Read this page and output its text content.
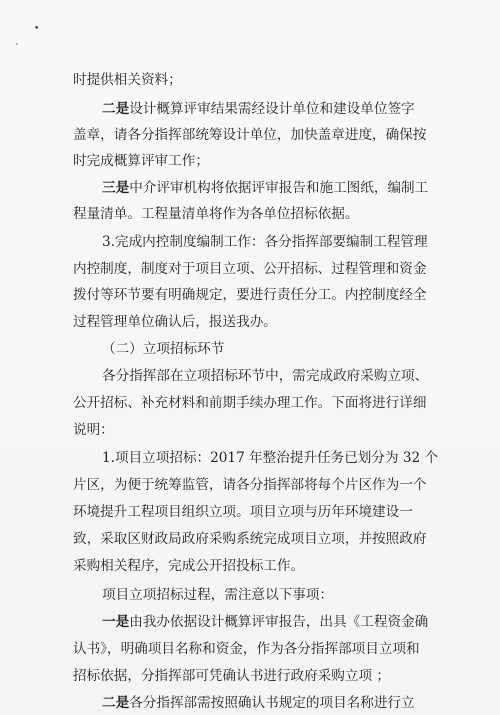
•
ˋ
时提供相关资料；
二是设计概算评审结果需经设计单位和建设单位签字
盖章，请各分指挥部统筹设计单位，加快盖章进度，确保按
时完成概算评审工作；
三是中介评审机构将依据评审报告和施工图纸，编制工
程量清单。工程量清单将作为各单位招标依据。
3.完成内控制度编制工作：各分指挥部要编制工程管理
内控制度，制度对于项目立项、公开招标、过程管理和资金
拨付等环节要有明确规定，要进行责任分工。内控制度经全
过程管理单位确认后，报送我办。
（二）立项招标环节
各分指挥部在立项招标环节中，需完成政府采购立项、
公开招标、补充材料和前期手续办理工作。下面将进行详细
说明：
1.项目立项招标：2017 年整治提升任务已划分为 32 个
片区，为便于统筹监管，请各分指挥部将每个片区作为一个
环境提升工程项目组织立项。项目立项与历年环境建设一
致，采取区财政局政府采购系统完成项目立项，并按照政府
采购相关程序，完成公开招投标工作。
项目立项招标过程，需注意以下事项：
一是由我办依据设计概算评审报告，出具《工程资金确
认书》，明确项目名称和资金，作为各分指挥部项目立项和
招标依据，分指挥部可凭确认书进行政府采购立项 ；
二是各分指挥部需按照确认书规定的项目名称进行立
